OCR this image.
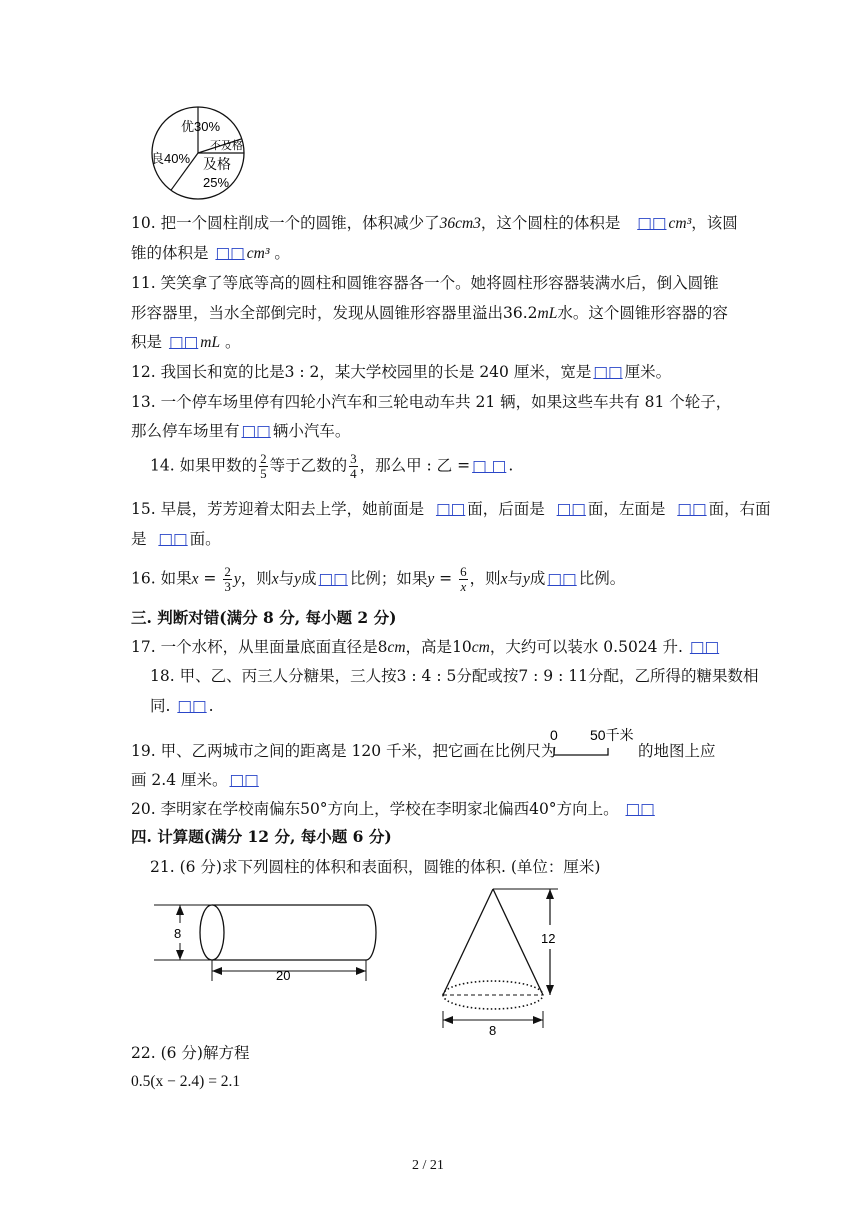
优30%
良40%
不及格
及格
25%
10. 把一个圆柱削成一个的圆锥，体积减少了36cm3，这个圆柱的体积是 □□ cm³，该圆
锥的体积是 □□ cm³ 。
11. 笑笑拿了等底等高的圆柱和圆锥容器各一个。她将圆柱形容器装满水后，倒入圆锥
形容器里，当水全部倒完时，发现从圆锥形容器里溢出36.2mL水。这个圆锥形容器的容
积是 □□ mL 。
12. 我国长和宽的比是3 : 2，某大学校园里的长是 240 厘米，宽是 □□ 厘米。
13. 一个停车场里停有四轮小汽车和三轮电动车共 21 辆，如果这些车共有 81 个轮子，
那么停车场里有 □□ 辆小汽车。
14. 如果甲数的 $\frac{2}{5}$ 等于乙数的 $\frac{3}{4}$ ，那么甲 : 乙 = □ □ .
15. 早晨，芳芳迎着太阳去上学，她前面是 □□ 面，后面是 □□ 面，左面是 □□ 面，右面
是 □□ 面。
16. 如果$x = \frac{2}{3}$ y，则x与y成 □□ 比例；如果$y = \frac{6}{x}$ ，则x与y成 □□ 比例。
三. 判断对错(满分 8 分, 每小题 2 分)
17. 一个水杯，从里面量底面直径是8cm，高是10cm，大约可以装水 0.5024 升. □□
18. 甲、乙、丙三人分糖果，三人按3 : 4 : 5分配或按7 : 9 : 11分配，乙所得的糖果数相
同. □□ .
19. 甲、乙两城市之间的距离是 120 千米，把它画在比例尺为
0 50千米
的地图上应
画 2.4 厘米。 □□
20. 李明家在学校南偏东50°方向上，学校在李明家北偏西40°方向上。 □□
四. 计算题(满分 12 分, 每小题 6 分)
21. (6 分)求下列圆柱的体积和表面积，圆锥的体积. (单位：厘米)
8
20
12
8
22. (6 分)解方程
0.5(x − 2.4) = 2.1
2 / 21
